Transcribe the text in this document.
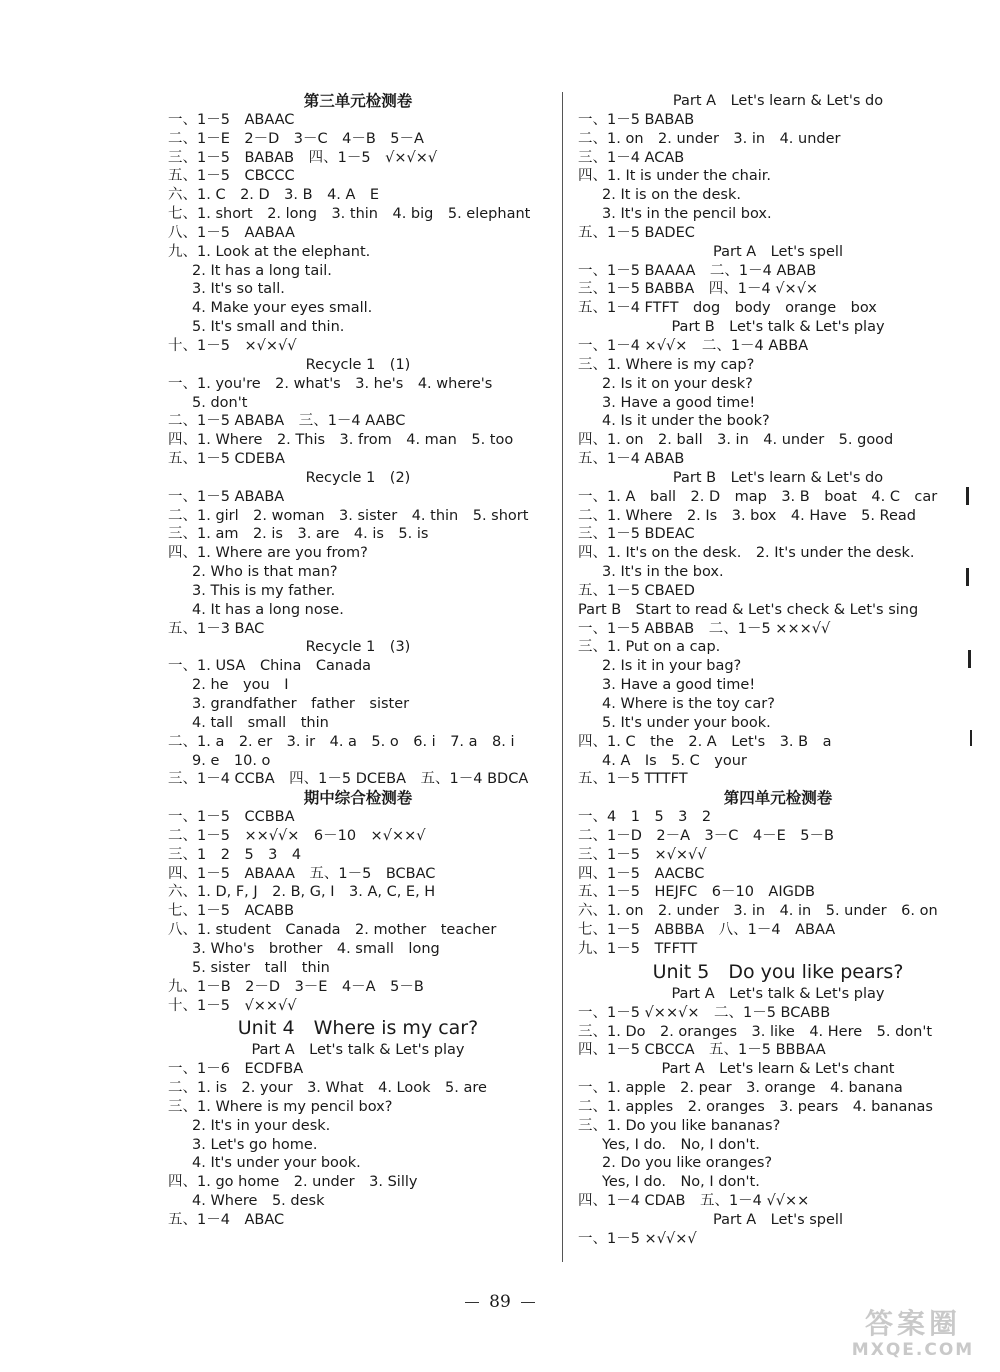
第三单元检测卷
一、1－5　ABAAC
二、1－E　2－D　3－C　4－B　5－A
三、1－5　BABAB　四、1－5　√×√×√
五、1－5　CBCCC
六、1. C　2. D　3. B　4. A　E
七、1. short　2. long　3. thin　4. big　5. elephant
八、1－5　AABAA
九、1. Look at the elephant.
2. It has a long tail.
3. It's so tall.
4. Make your eyes small.
5. It's small and thin.
十、1－5　×√×√√
Recycle 1　(1)
一、1. you're　2. what's　3. he's　4. where's
5. don't
二、1－5 ABABA　三、1－4 AABC
四、1. Where　2. This　3. from　4. man　5. too
五、1－5 CDEBA
Recycle 1　(2)
一、1－5 ABABA
二、1. girl　2. woman　3. sister　4. thin　5. short
三、1. am　2. is　3. are　4. is　5. is
四、1. Where are you from?
2. Who is that man?
3. This is my father.
4. It has a long nose.
五、1－3 BAC
Recycle 1　(3)
一、1. USA　China　Canada
2. he　you　I
3. grandfather　father　sister
4. tall　small　thin
二、1. a　2. er　3. ir　4. a　5. o　6. i　7. a　8. i
9. e　10. o
三、1－4 CCBA　四、1－5 DCEBA　五、1－4 BDCA
期中综合检测卷
一、1－5　CCBBA
二、1－5　××√√×　6－10　×√××√
三、1　2　5　3　4
四、1－5　ABAAA　五、1－5　BCBAC
六、1. D, F, J　2. B, G, I　3. A, C, E, H
七、1－5　ACABB
八、1. student　Canada　2. mother　teacher
3. Who's　brother　4. small　long
5. sister　tall　thin
九、1－B　2－D　3－E　4－A　5－B
十、1－5　√××√√
Unit 4　Where is my car?
Part A　Let's talk & Let's play
一、1－6　ECDFBA
二、1. is　2. your　3. What　4. Look　5. are
三、1. Where is my pencil box?
2. It's in your desk.
3. Let's go home.
4. It's under your book.
四、1. go home　2. under　3. Silly
4. Where　5. desk
五、1－4　ABAC
Part A　Let's learn & Let's do
一、1－5 BABAB
二、1. on　2. under　3. in　4. under
三、1－4 ACAB
四、1. It is under the chair.
2. It is on the desk.
3. It's in the pencil box.
五、1－5 BADEC
Part A　Let's spell
一、1－5 BAAAA　二、1－4 ABAB
三、1－5 BABBA　四、1－4 √×√×
五、1－4 FTFT　dog　body　orange　box
Part B　Let's talk & Let's play
一、1－4 ×√√×　二、1－4 ABBA
三、1. Where is my cap?
2. Is it on your desk?
3. Have a good time!
4. Is it under the book?
四、1. on　2. ball　3. in　4. under　5. good
五、1－4 ABAB
Part B　Let's learn & Let's do
一、1. A　ball　2. D　map　3. B　boat　4. C　car
二、1. Where　2. Is　3. box　4. Have　5. Read
三、1－5 BDEAC
四、1. It's on the desk.　2. It's under the desk.
3. It's in the box.
五、1－5 CBAED
Part B　Start to read & Let's check & Let's sing
一、1－5 ABBAB　二、1－5 ×××√√
三、1. Put on a cap.
2. Is it in your bag?
3. Have a good time!
4. Where is the toy car?
5. It's under your book.
四、1. C　the　2. A　Let's　3. B　a
4. A　Is　5. C　your
五、1－5 TTTFT
第四单元检测卷
一、4　1　5　3　2
二、1－D　2－A　3－C　4－E　5－B
三、1－5　×√×√√
四、1－5　AACBC
五、1－5　HEJFC　6－10　AIGDB
六、1. on　2. under　3. in　4. in　5. under　6. on
七、1－5　ABBBA　八、1－4　ABAA
九、1－5　TFFTT
Unit 5　Do you like pears?
Part A　Let's talk & Let's play
一、1－5 √××√×　二、1－5 BCABB
三、1. Do　2. oranges　3. like　4. Here　5. don't
四、1－5 CBCCA　五、1－5 BBBAA
Part A　Let's learn & Let's chant
一、1. apple　2. pear　3. orange　4. banana
二、1. apples　2. oranges　3. pears　4. bananas
三、1. Do you like bananas?
Yes, I do.　No, I don't.
2. Do you like oranges?
Yes, I do.　No, I don't.
四、1－4 CDAB　五、1－4 √√××
Part A　Let's spell
一、1－5 ×√√×√
89
答案圈
MXQE.COM
